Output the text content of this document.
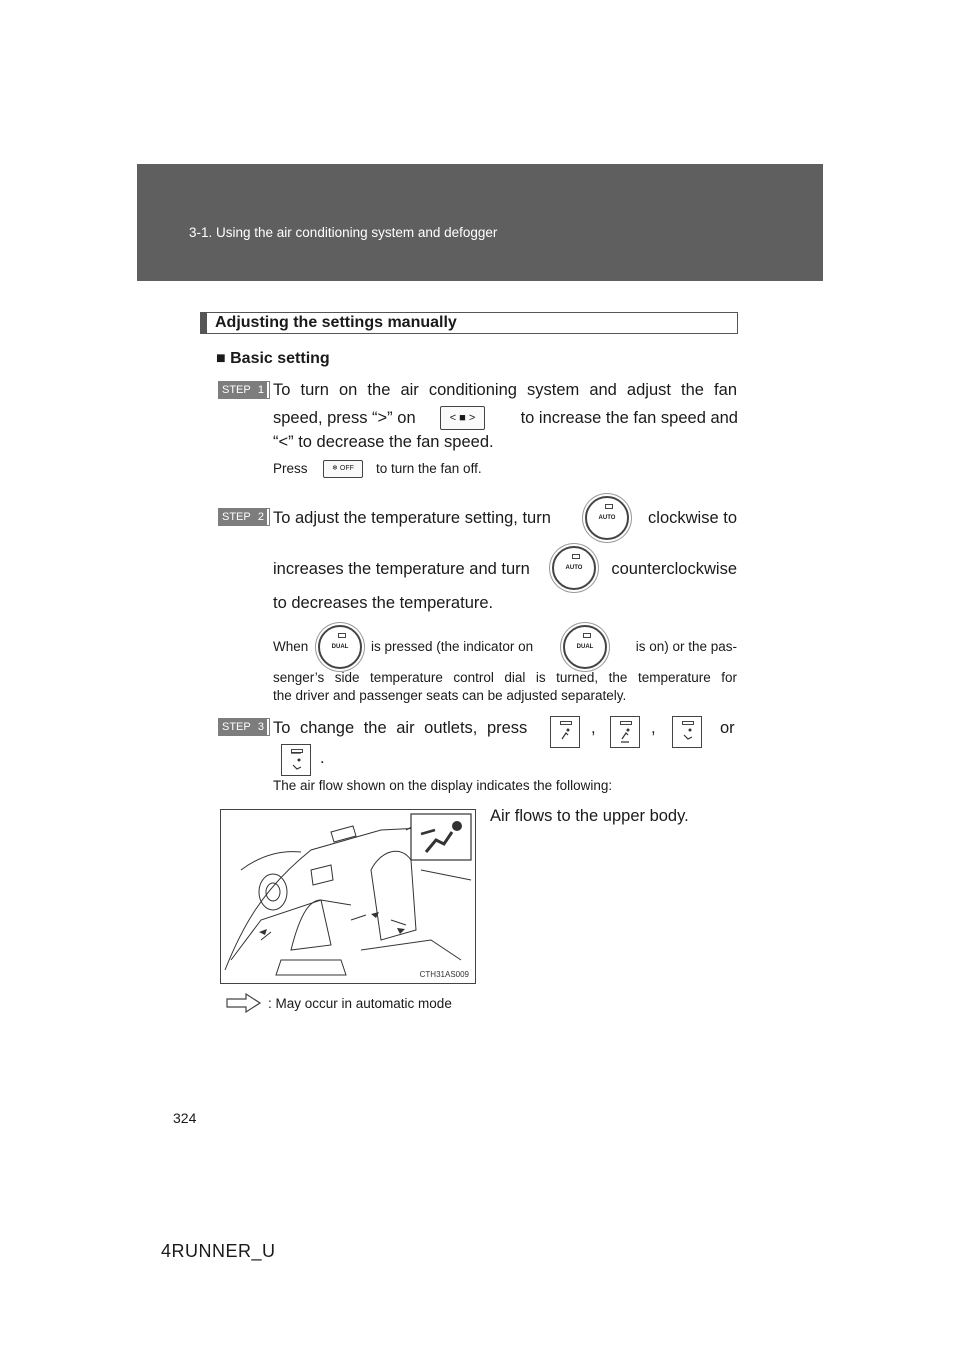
3-1. Using the air conditioning system and defogger
Adjusting the settings manually
■ Basic setting
STEP 1 To turn on the air conditioning system and adjust the fan
speed, press “>” on	< ■ >	to increase the fan speed and
“<” to decrease the fan speed.
Press	❄ OFF	to turn the fan off.
STEP 2 To adjust the temperature setting, turn	AUTO	clockwise to
increases the temperature and turn	AUTO	counterclockwise
to decreases the temperature.
When	DUAL	is pressed (the indicator on	DUAL	is on) or the pas-
senger’s side temperature control dial is turned, the temperature for
the driver and passenger seats can be adjusted separately.
STEP 3 To change the air outlets, press	,	,	or
.
The air flow shown on the display indicates the following:
CTH31AS009
Air flows to the upper body.
: May occur in automatic mode
324
4RUNNER_U
